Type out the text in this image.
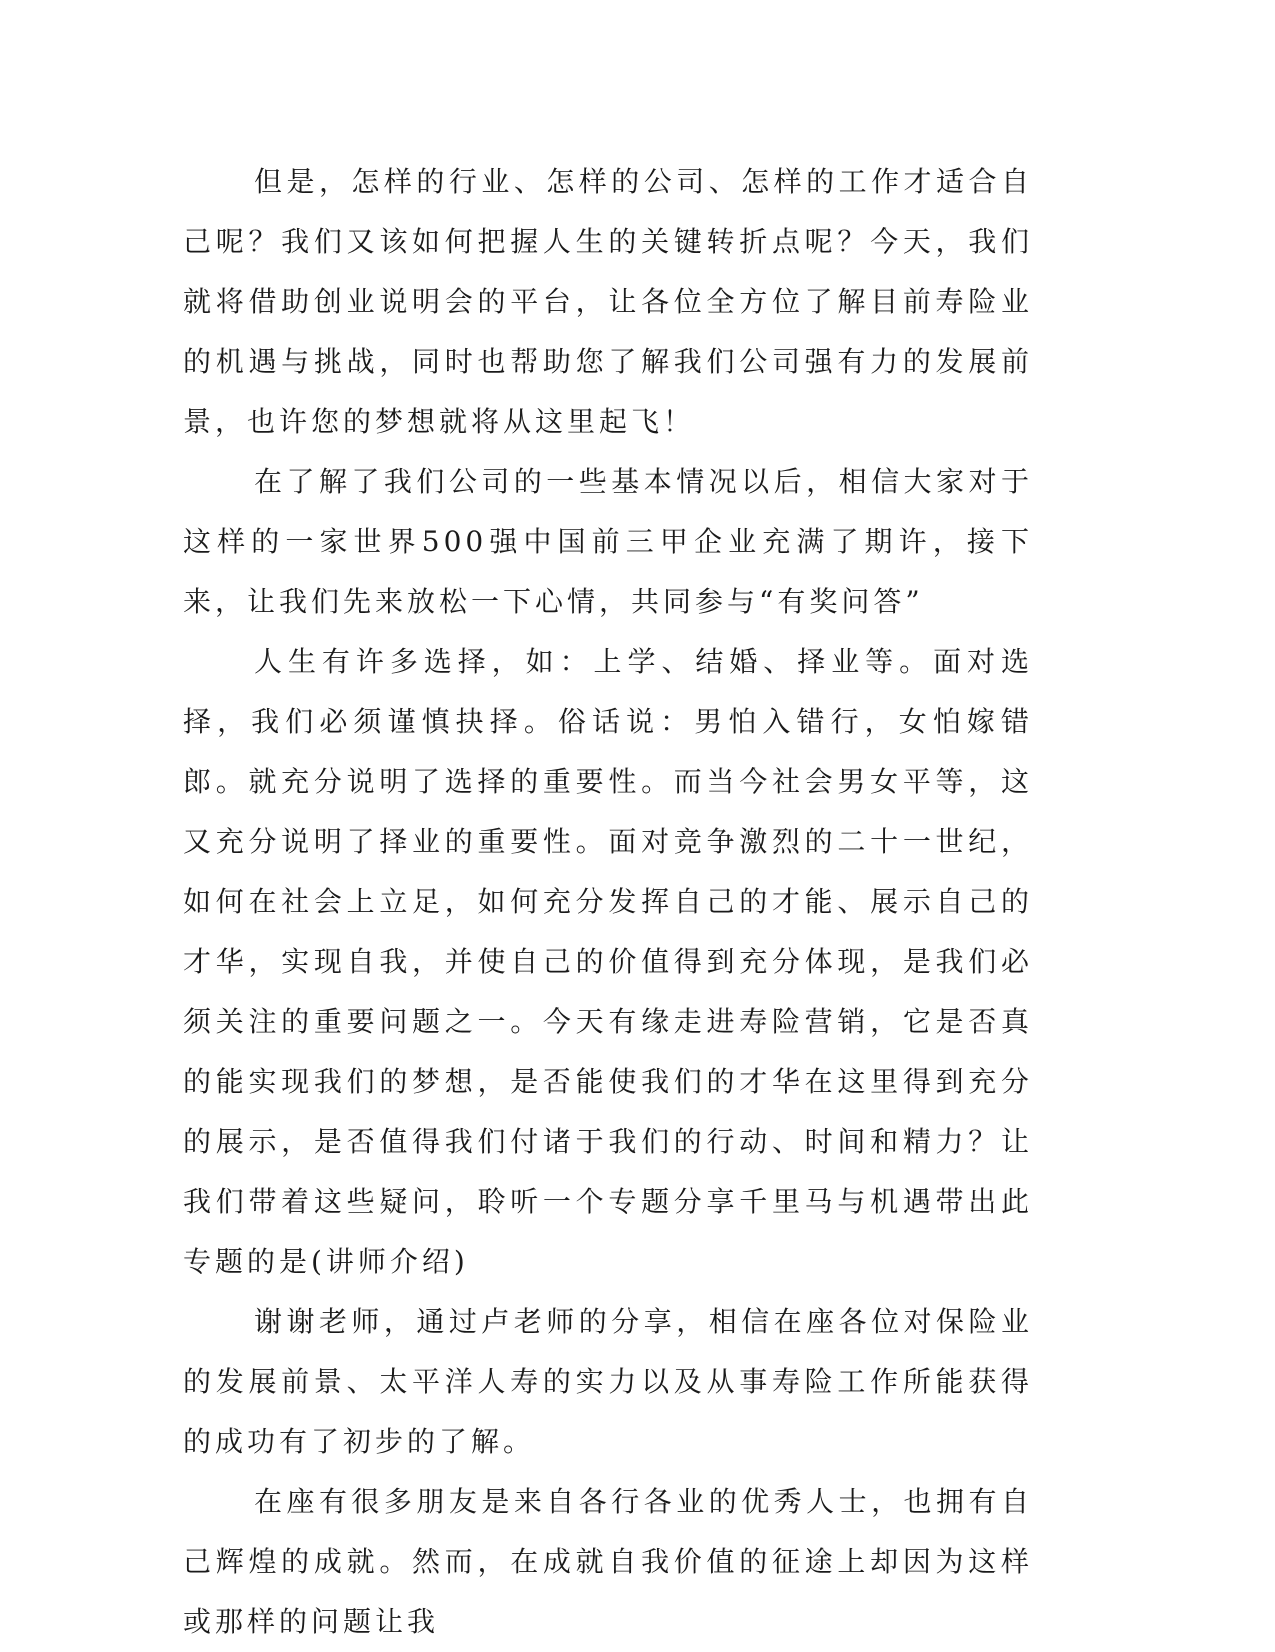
但是，怎样的行业、怎样的公司、怎样的工作才适合自己呢？我们又该如何把握人生的关键转折点呢？今天，我们就将借助创业说明会的平台，让各位全方位了解目前寿险业的机遇与挑战，同时也帮助您了解我们公司强有力的发展前景，也许您的梦想就将从这里起飞！

在了解了我们公司的一些基本情况以后，相信大家对于这样的一家世界500强中国前三甲企业充满了期许，接下来，让我们先来放松一下心情，共同参与“有奖问答”

人生有许多选择，如：上学、结婚、择业等。面对选择，我们必须谨慎抉择。俗话说：男怕入错行，女怕嫁错郎。就充分说明了选择的重要性。而当今社会男女平等，这又充分说明了择业的重要性。面对竞争激烈的二十一世纪，如何在社会上立足，如何充分发挥自己的才能、展示自己的才华，实现自我，并使自己的价值得到充分体现，是我们必须关注的重要问题之一。今天有缘走进寿险营销，它是否真的能实现我们的梦想，是否能使我们的才华在这里得到充分的展示，是否值得我们付诸于我们的行动、时间和精力？让我们带着这些疑问，聆听一个专题分享千里马与机遇带出此专题的是(讲师介绍)

谢谢老师，通过卢老师的分享，相信在座各位对保险业的发展前景、太平洋人寿的实力以及从事寿险工作所能获得的成功有了初步的了解。

在座有很多朋友是来自各行各业的优秀人士，也拥有自己辉煌的成就。然而，在成就自我价值的征途上却因为这样或那样的问题让我
